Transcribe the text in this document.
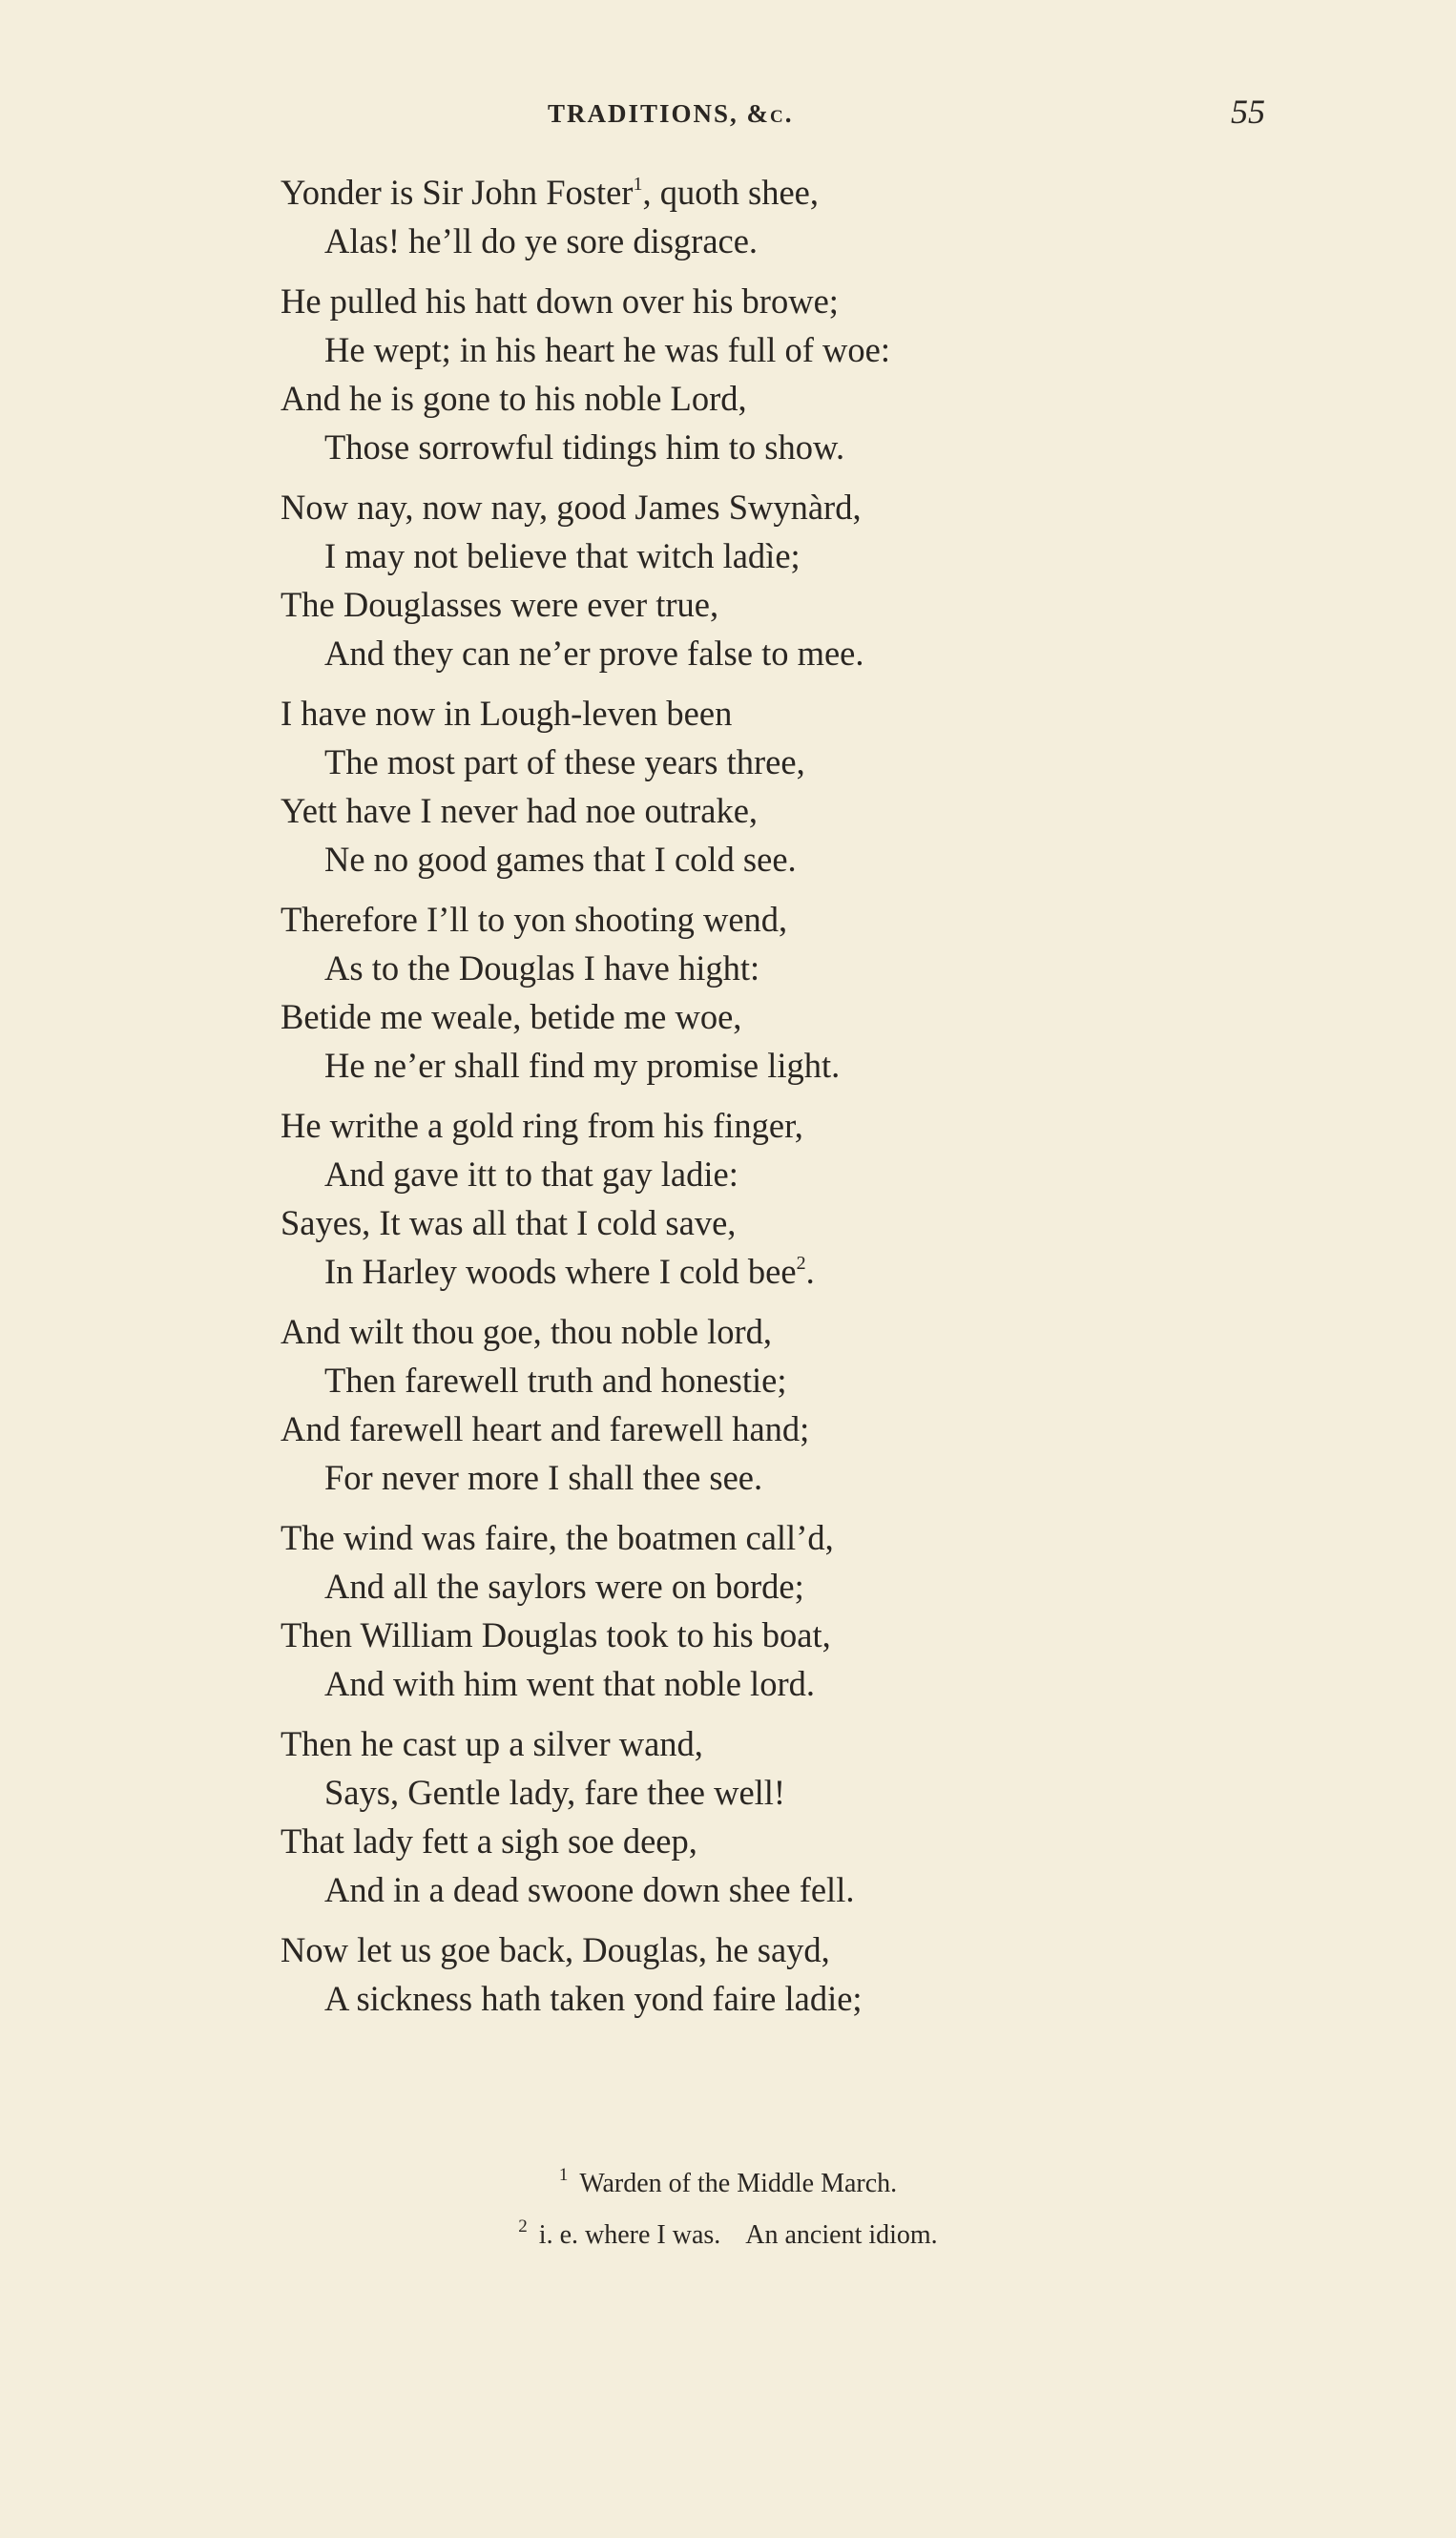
TRADITIONS, &c.	55
Yonder is Sir John Foster$^1$, quoth shee,
Alas! he’ll do ye sore disgrace.
He pulled his hatt down over his browe;
He wept; in his heart he was full of woe:
And he is gone to his noble Lord,
Those sorrowful tidings him to show.
Now nay, now nay, good James Swynàrd,
I may not believe that witch ladìe;
The Douglasses were ever true,
And they can ne’er prove false to mee.
I have now in Lough-leven been
The most part of these years three,
Yett have I never had noe outrake,
Ne no good games that I cold see.
Therefore I’ll to yon shooting wend,
As to the Douglas I have hight:
Betide me weale, betide me woe,
He ne’er shall find my promise light.
He writhe a gold ring from his finger,
And gave itt to that gay ladie:
Sayes, It was all that I cold save,
In Harley woods where I cold bee$^2$.
And wilt thou goe, thou noble lord,
Then farewell truth and honestie;
And farewell heart and farewell hand;
For never more I shall thee see.
The wind was faire, the boatmen call’d,
And all the saylors were on borde;
Then William Douglas took to his boat,
And with him went that noble lord.
Then he cast up a silver wand,
Says, Gentle lady, fare thee well!
That lady fett a sigh soe deep,
And in a dead swoone down shee fell.
Now let us goe back, Douglas, he sayd,
A sickness hath taken yond faire ladie;
$^1$ Warden of the Middle March.
$^2$ i. e. where I was. An ancient idiom.
